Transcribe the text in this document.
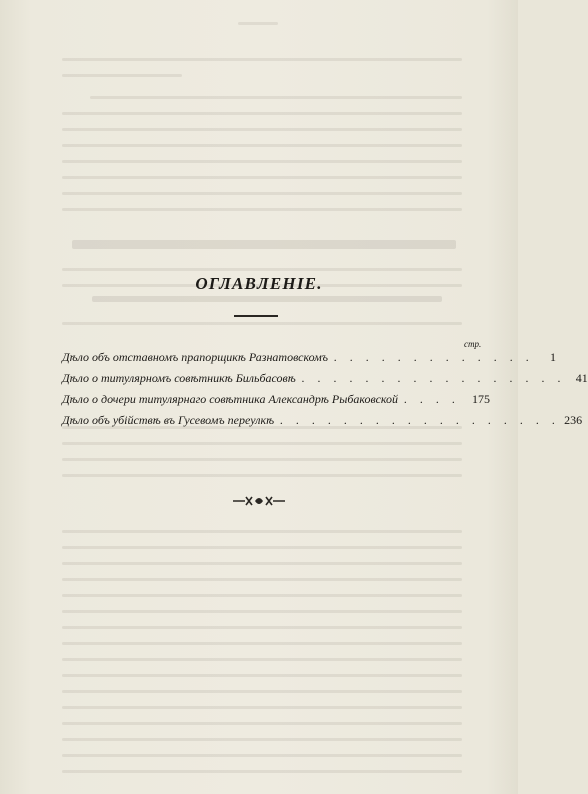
ОГЛАВЛЕНІЕ.
стр.
Дѣло объ отставномъ прапорщикѣ Разнатовскомъ . . . . . . . . . . . . .	1
Дѣло о титулярномъ совѣтникѣ Бильбасовѣ . . . . . . . . . . . . . . . . . 41
Дѣло о дочери титулярнаго совѣтника Александрѣ Рыбаковской . . . . 175
Дѣло объ убійствѣ въ Гусевомъ переулкѣ . . . . . . . . . . . . . . . . . . 236
